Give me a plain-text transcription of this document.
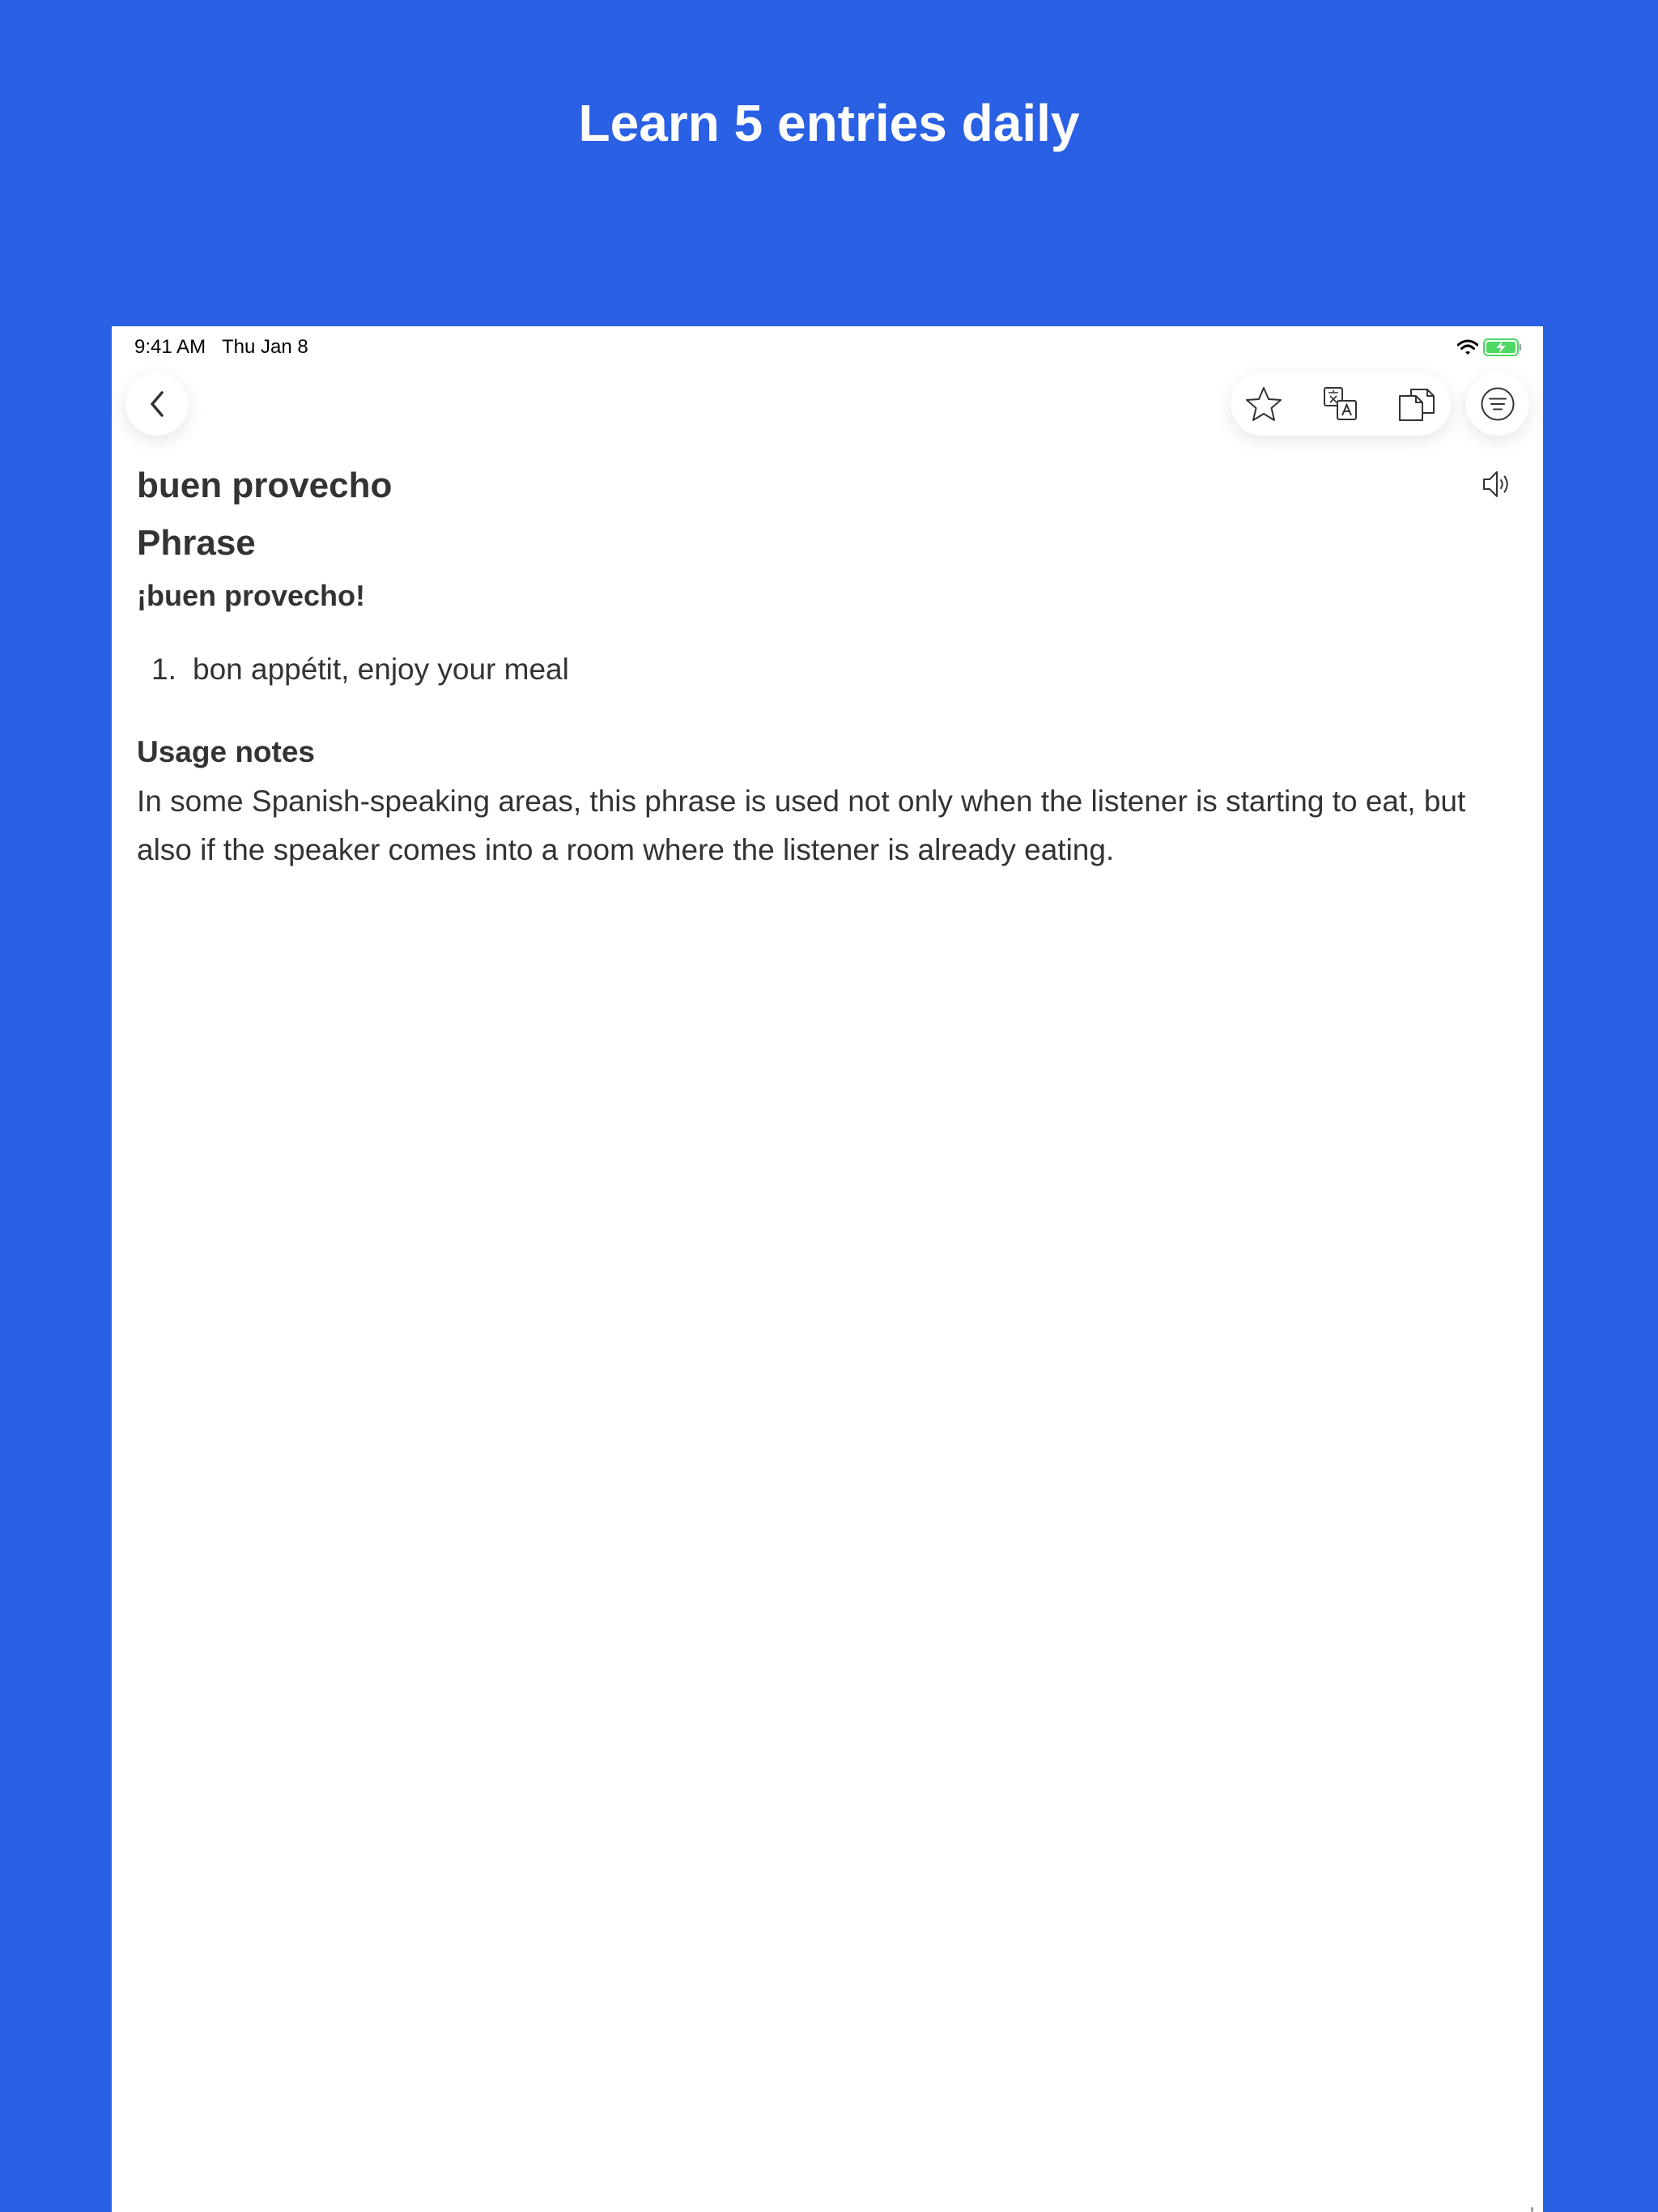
Learn 5 entries daily
9:41 AM Thu Jan 8
buen provecho
Phrase
¡buen provecho!
1. bon appétit, enjoy your meal
Usage notes

In some Spanish-speaking areas, this phrase is used not only when the listener is starting to eat, but also if the speaker comes into a room where the listener is already eating.
